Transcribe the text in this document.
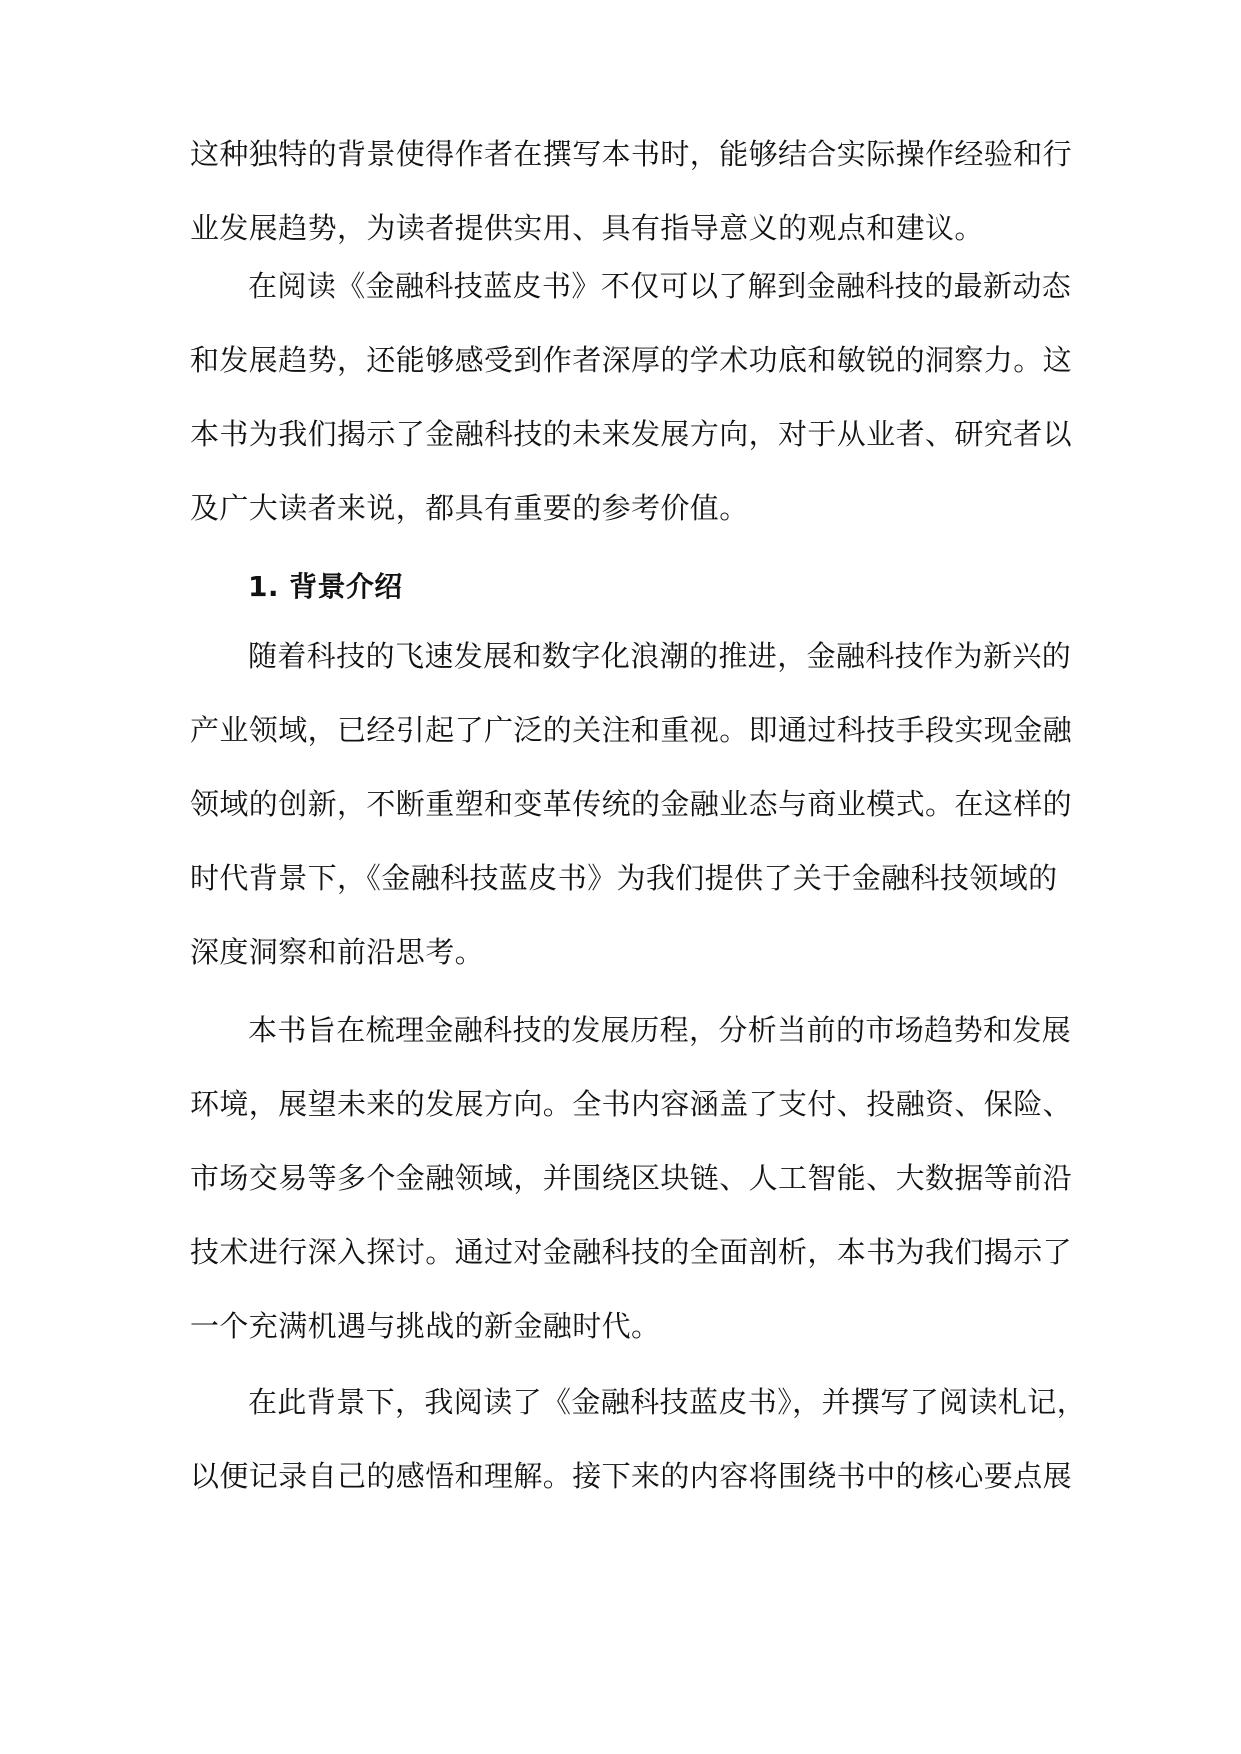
这种独特的背景使得作者在撰写本书时，能够结合实际操作经验和行
业发展趋势，为读者提供实用、具有指导意义的观点和建议。
在阅读《金融科技蓝皮书》不仅可以了解到金融科技的最新动态
和发展趋势，还能够感受到作者深厚的学术功底和敏锐的洞察力。这
本书为我们揭示了金融科技的未来发展方向，对于从业者、研究者以
及广大读者来说，都具有重要的参考价值。
1. 背景介绍
随着科技的飞速发展和数字化浪潮的推进，金融科技作为新兴的
产业领域，已经引起了广泛的关注和重视。即通过科技手段实现金融
领域的创新，不断重塑和变革传统的金融业态与商业模式。在这样的
时代背景下，《金融科技蓝皮书》为我们提供了关于金融科技领域的
深度洞察和前沿思考。
本书旨在梳理金融科技的发展历程，分析当前的市场趋势和发展
环境，展望未来的发展方向。全书内容涵盖了支付、投融资、保险、
市场交易等多个金融领域，并围绕区块链、人工智能、大数据等前沿
技术进行深入探讨。通过对金融科技的全面剖析，本书为我们揭示了
一个充满机遇与挑战的新金融时代。
在此背景下，我阅读了《金融科技蓝皮书》，并撰写了阅读札记，
以便记录自己的感悟和理解。接下来的内容将围绕书中的核心要点展
